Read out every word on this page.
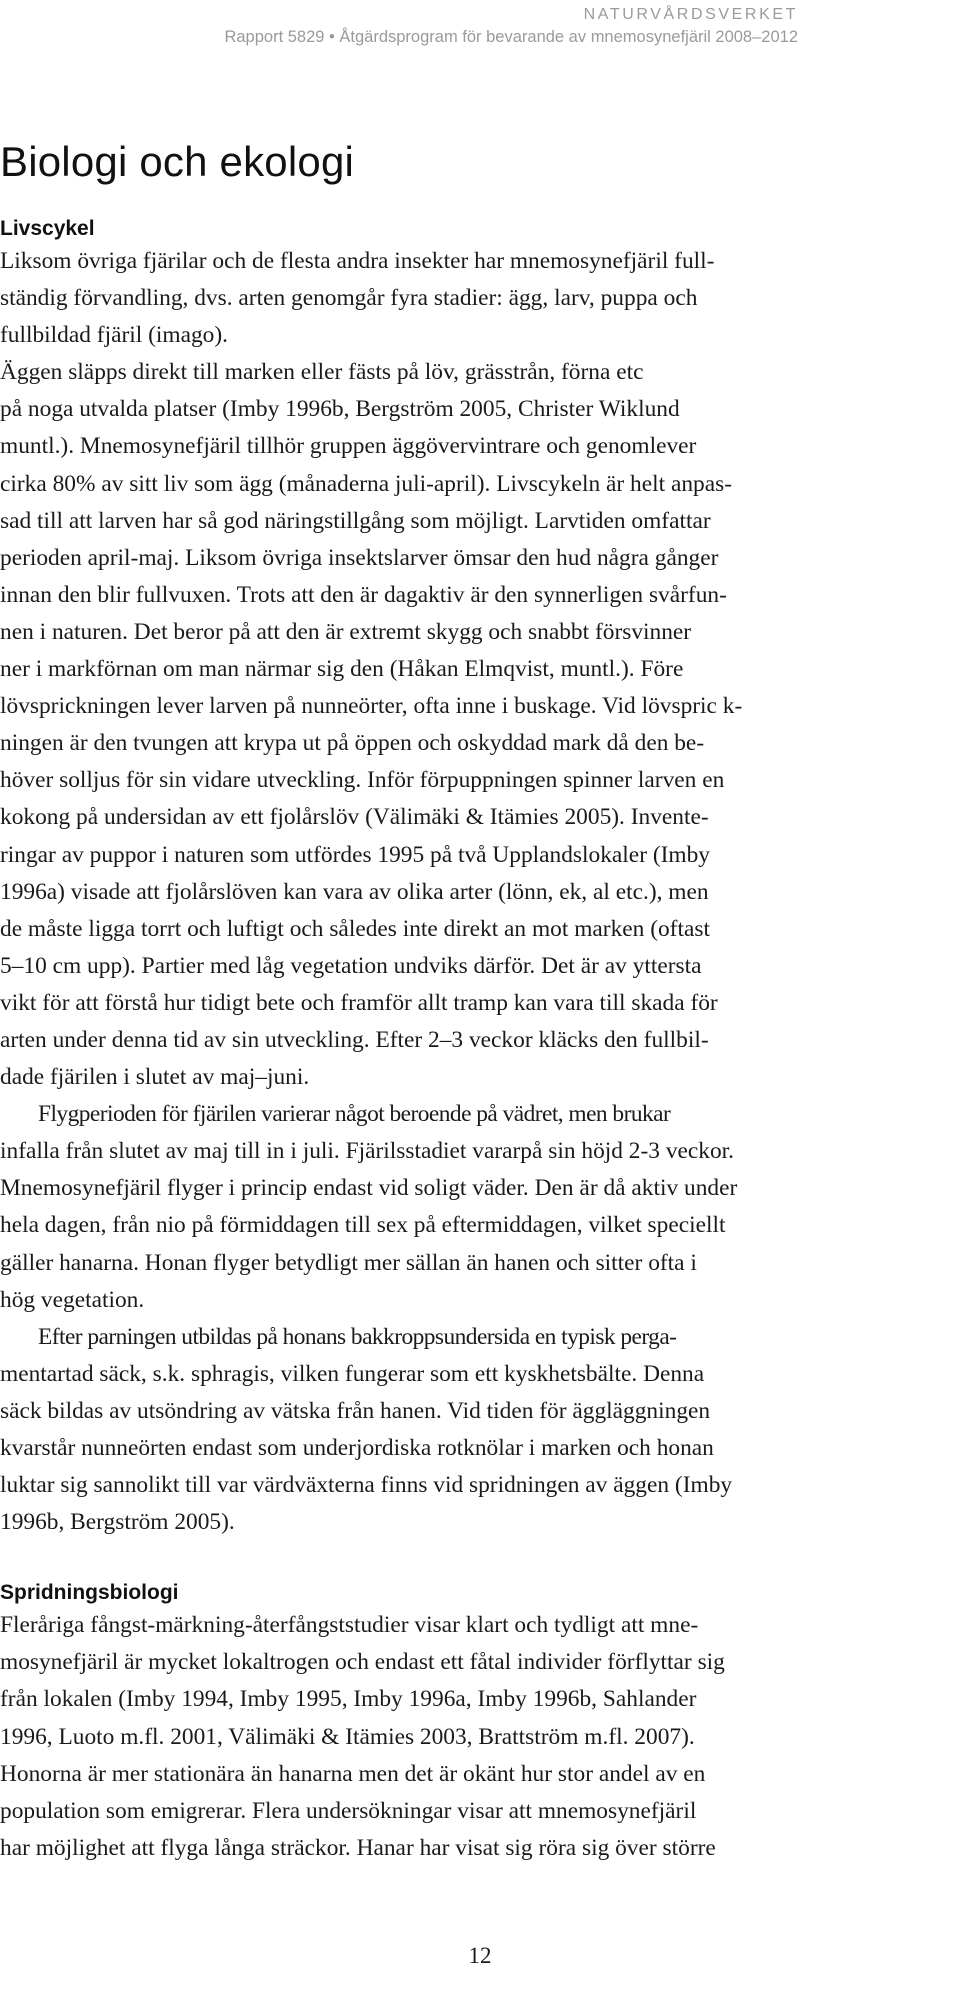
NATURVÅRDSVERKET
Rapport 5829 • Åtgärdsprogram för bevarande av mnemosynefjäril 2008–2012
Biologi och ekologi
Livscykel

Liksom övriga fjärilar och de flesta andra insekter har mnemosynefjäril full-
ständig förvandling, dvs. arten genomgår fyra stadier: ägg, larv, puppa och
fullbildad fjäril (imago).
Äggen släpps direkt till marken eller fästs på löv, grässtrån, förna etc
på noga utvalda platser (Imby 1996b, Bergström 2005, Christer Wiklund
muntl.). Mnemosynefjäril tillhör gruppen äggövervintrare och genomlever
cirka 80% av sitt liv som ägg (månaderna juli-april). Livscykeln är helt anpas-
sad till att larven har så god näringstillgång som möjligt. Larvtiden omfattar
perioden april-maj. Liksom övriga insektslarver ömsar den hud några gånger
innan den blir fullvuxen. Trots att den är dagaktiv är den synnerligen svårfun-
nen i naturen. Det beror på att den är extremt skygg och snabbt försvinner
ner i markförnan om man närmar sig den (Håkan Elmqvist, muntl.). Före
lövsprickningen lever larven på nunneörter, ofta inne i buskage. Vid lövspric k-
ningen är den tvungen att krypa ut på öppen och oskyddad mark då den be-
höver solljus för sin vidare utveckling. Inför förpuppningen spinner larven en
kokong på undersidan av ett fjolårslöv (Välimäki & Itämies 2005). Invente-
ringar av puppor i naturen som utfördes 1995 på två Upplandslokaler (Imby
1996a) visade att fjolårslöven kan vara av olika arter (lönn, ek, al etc.), men
de måste ligga torrt och luftigt och således inte direkt an mot marken (oftast
5–10 cm upp). Partier med låg vegetation undviks därför. Det är av yttersta
vikt för att förstå hur tidigt bete och framför allt tramp kan vara till skada för
arten under denna tid av sin utveckling. Efter 2–3 veckor kläcks den fullbil-
dade fjärilen i slutet av maj–juni.

Flygperioden för fjärilen varierar något beroende på vädret, men brukar
infalla från slutet av maj till in i juli. Fjärilsstadiet vararpå sin höjd 2-3 veckor.
Mnemosynefjäril flyger i princip endast vid soligt väder. Den är då aktiv under
hela dagen, från nio på förmiddagen till sex på eftermiddagen, vilket speciellt
gäller hanarna. Honan flyger betydligt mer sällan än hanen och sitter ofta i
hög vegetation.

Efter parningen utbildas på honans bakkroppsundersida en typisk perga-
mentartad säck, s.k. sphragis, vilken fungerar som ett kyskhetsbälte. Denna
säck bildas av utsöndring av vätska från hanen. Vid tiden för äggläggningen
kvarstår nunneörten endast som underjordiska rotknölar i marken och honan
luktar sig sannolikt till var värdväxterna finns vid spridningen av äggen (Imby
1996b, Bergström 2005).

Spridningsbiologi

Fleråriga fångst-märkning-återfångststudier visar klart och tydligt att mne-
mosynefjäril är mycket lokaltrogen och endast ett fåtal individer förflyttar sig
från lokalen (Imby 1994, Imby 1995, Imby 1996a, Imby 1996b, Sahlander
1996, Luoto m.fl. 2001, Välimäki & Itämies 2003, Brattström m.fl. 2007).
Honorna är mer stationära än hanarna men det är okänt hur stor andel av en
population som emigrerar. Flera undersökningar visar att mnemosynefjäril
har möjlighet att flyga långa sträckor. Hanar har visat sig röra sig över större

12
